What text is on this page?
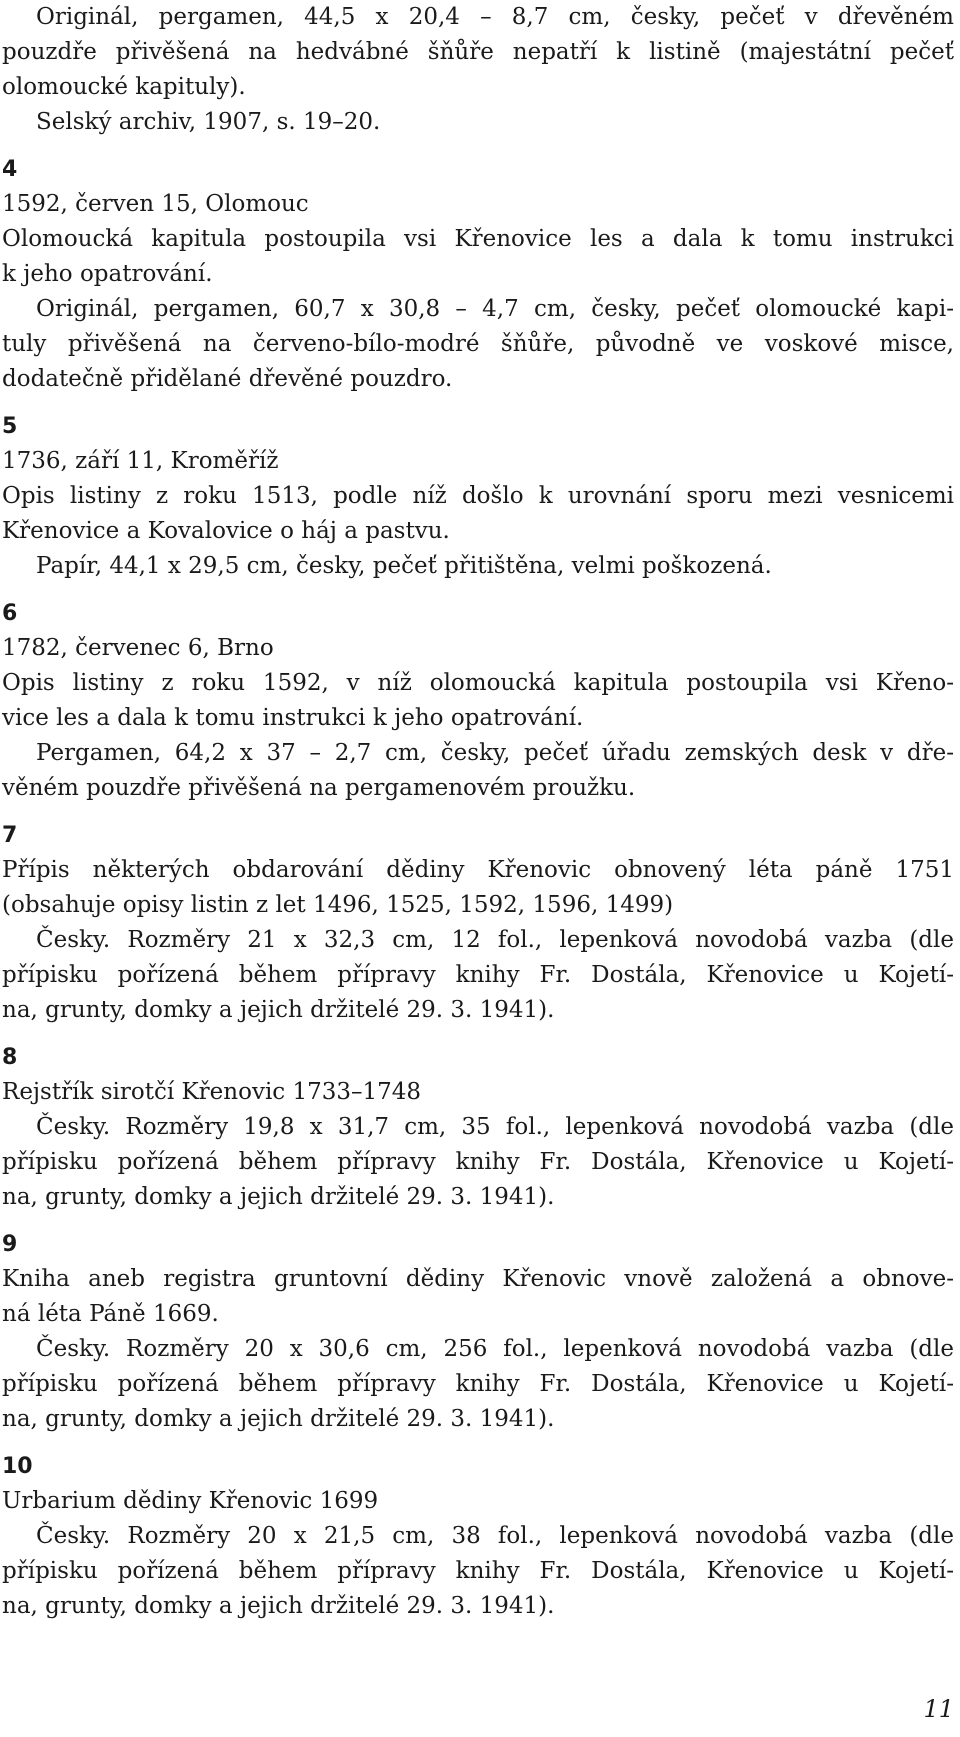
Originál, pergamen, 44,5 x 20,4 – 8,7 cm, česky, pečeť v dřevěném
pouzdře přivěšená na hedvábné šňůře nepatří k listině (majestátní pečeť
olomoucké kapituly).
Selský archiv, 1907, s. 19–20.
4
1592, červen 15, Olomouc
Olomoucká kapitula postoupila vsi Křenovice les a dala k tomu instrukci
k jeho opatrování.
Originál, pergamen, 60,7 x 30,8 – 4,7 cm, česky, pečeť olomoucké kapi-
tuly přivěšená na červeno-bílo-modré šňůře, původně ve voskové misce,
dodatečně přidělané dřevěné pouzdro.
5
1736, září 11, Kroměříž
Opis listiny z roku 1513, podle níž došlo k urovnání sporu mezi vesnicemi
Křenovice a Kovalovice o háj a pastvu.
Papír, 44,1 x 29,5 cm, česky, pečeť přitištěna, velmi poškozená.
6
1782, červenec 6, Brno
Opis listiny z roku 1592, v níž olomoucká kapitula postoupila vsi Křeno-
vice les a dala k tomu instrukci k jeho opatrování.
Pergamen, 64,2 x 37 – 2,7 cm, česky, pečeť úřadu zemských desk v dře-
věném pouzdře přivěšená na pergamenovém proužku.
7
Přípis některých obdarování dědiny Křenovic obnovený léta páně 1751
(obsahuje opisy listin z let 1496, 1525, 1592, 1596, 1499)
Česky. Rozměry 21 x 32,3 cm, 12 fol., lepenková novodobá vazba (dle
přípisku pořízená během přípravy knihy Fr. Dostála, Křenovice u Kojetí-
na, grunty, domky a jejich držitelé 29. 3. 1941).
8
Rejstřík sirotčí Křenovic 1733–1748
Česky. Rozměry 19,8 x 31,7 cm, 35 fol., lepenková novodobá vazba (dle
přípisku pořízená během přípravy knihy Fr. Dostála, Křenovice u Kojetí-
na, grunty, domky a jejich držitelé 29. 3. 1941).
9
Kniha aneb registra gruntovní dědiny Křenovic vnově založená a obnove-
ná léta Páně 1669.
Česky. Rozměry 20 x 30,6 cm, 256 fol., lepenková novodobá vazba (dle
přípisku pořízená během přípravy knihy Fr. Dostála, Křenovice u Kojetí-
na, grunty, domky a jejich držitelé 29. 3. 1941).
10
Urbarium dědiny Křenovic 1699
Česky. Rozměry 20 x 21,5 cm, 38 fol., lepenková novodobá vazba (dle
přípisku pořízená během přípravy knihy Fr. Dostála, Křenovice u Kojetí-
na, grunty, domky a jejich držitelé 29. 3. 1941).
11
